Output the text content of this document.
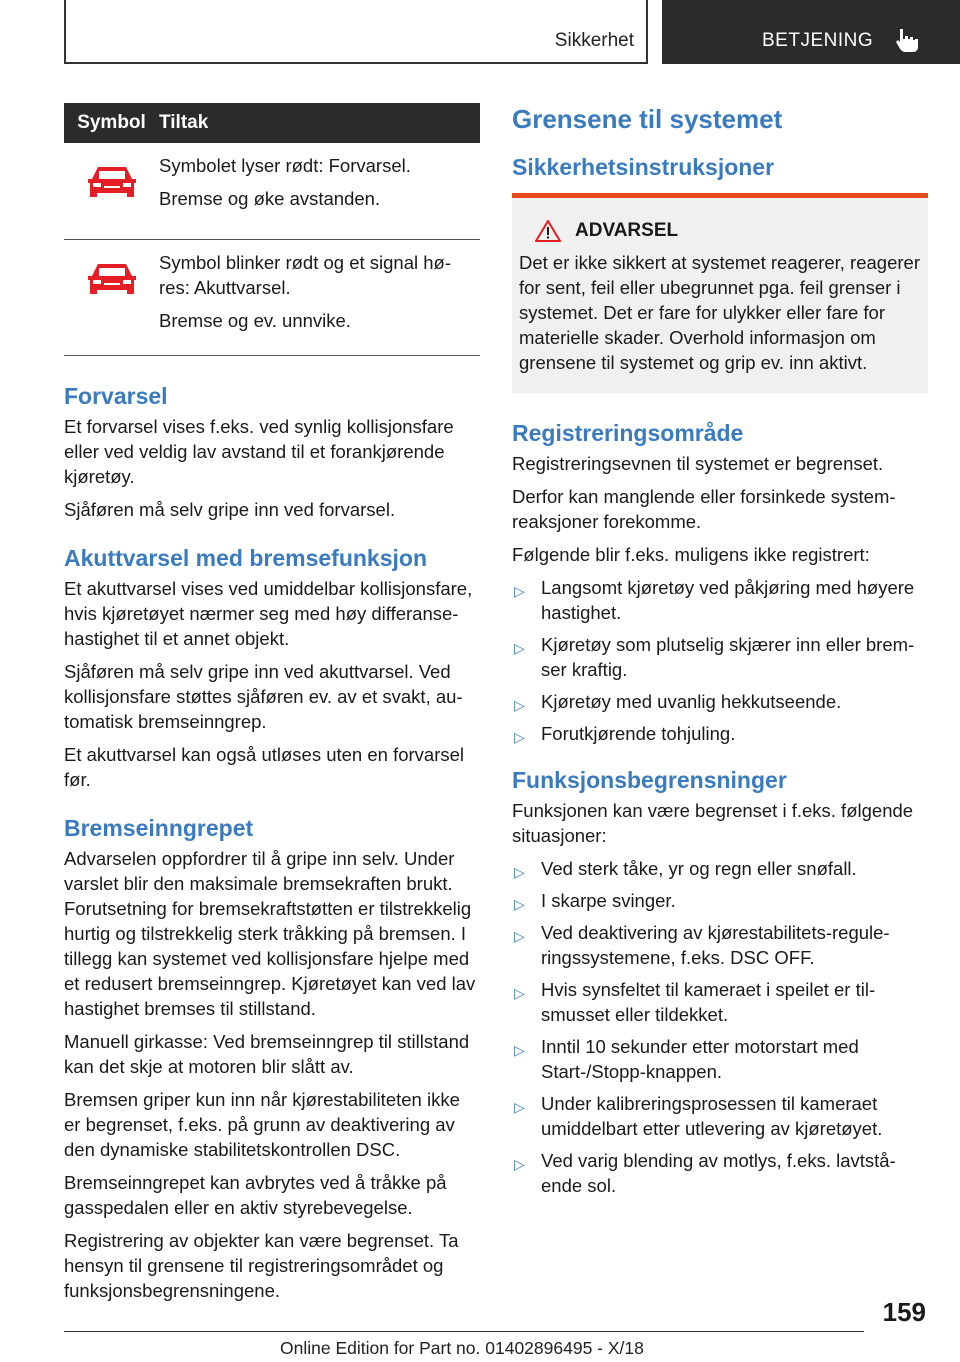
Sikkerhet	BETJENING
Symbol	Tiltak

Symbolet lyser rødt: Forvarsel.

Bremse og øke avstanden.

Symbol blinker rødt og et signal hø-
res: Akuttvarsel.

Bremse og ev. unnvike.

Forvarsel

Et forvarsel vises f.eks. ved synlig kollisjonsfare eller ved veldig lav avstand til et forankjørende kjøretøy.

Sjåføren må selv gripe inn ved forvarsel.

Akuttvarsel med bremsefunksjon

Et akuttvarsel vises ved umiddelbar kollisjonsfare, hvis kjøretøyet nærmer seg med høy differansehastighet til et annet objekt.

Sjåføren må selv gripe inn ved akuttvarsel. Ved kollisjonsfare støttes sjåføren ev. av et svakt, automatisk bremseinngrep.

Et akuttvarsel kan også utløses uten en forvarsel før.

Bremseinngrepet

Advarselen oppfordrer til å gripe inn selv. Under varslet blir den maksimale bremsekraften brukt. Forutsetning for bremsekraftstøtten er tilstrekkelig hurtig og tilstrekkelig sterk tråkking på bremsen. I tillegg kan systemet ved kollisjonsfare hjelpe med et redusert bremseinngrep. Kjøretøyet kan ved lav hastighet bremses til stillstand.

Manuell girkasse: Ved bremseinngrep til stillstand kan det skje at motoren blir slått av.

Bremsen griper kun inn når kjørestabiliteten ikke er begrenset, f.eks. på grunn av deaktivering av den dynamiske stabilitetskontrollen DSC.

Bremseinngrepet kan avbrytes ved å tråkke på gasspedalen eller en aktiv styrebevegelse.

Registrering av objekter kan være begrenset. Ta hensyn til grensene til registreringsområdet og funksjonsbegrensningene.

Grensene til systemet
Sikkerhetsinstruksjoner
ADVARSEL

Det er ikke sikkert at systemet reagerer, reagerer for sent, feil eller ubegrunnet pga. feil grenser i systemet. Det er fare for ulykker eller fare for materielle skader. Overhold informasjon om grensene til systemet og grip ev. inn aktivt.

Registreringsområde

Registreringsevnen til systemet er begrenset.

Derfor kan manglende eller forsinkede systemreaksjoner forekomme.

Følgende blir f.eks. muligens ikke registrert:

▷ Langsomt kjøretøy ved påkjøring med høyere hastighet.
▷ Kjøretøy som plutselig skjærer inn eller bremser kraftig.
▷ Kjøretøy med uvanlig hekkutseende.
▷ Forutkjørende tohjuling.
Funksjonsbegrensninger

Funksjonen kan være begrenset i f.eks. følgende situasjoner:

▷ Ved sterk tåke, yr og regn eller snøfall.
▷ I skarpe svinger.
▷ Ved deaktivering av kjørestabilitets-reguleringssystemene, f.eks. DSC OFF.
▷ Hvis synsfeltet til kameraet i speilet er tilsmusset eller tildekket.
▷ Inntil 10 sekunder etter motorstart med Start-/Stopp-knappen.
▷ Under kalibreringsprosessen til kameraet umiddelbart etter utlevering av kjøretøyet.
▷ Ved varig blending av motlys, f.eks. lavtstående sol.
159
Online Edition for Part no. 01402896495 - X/18
